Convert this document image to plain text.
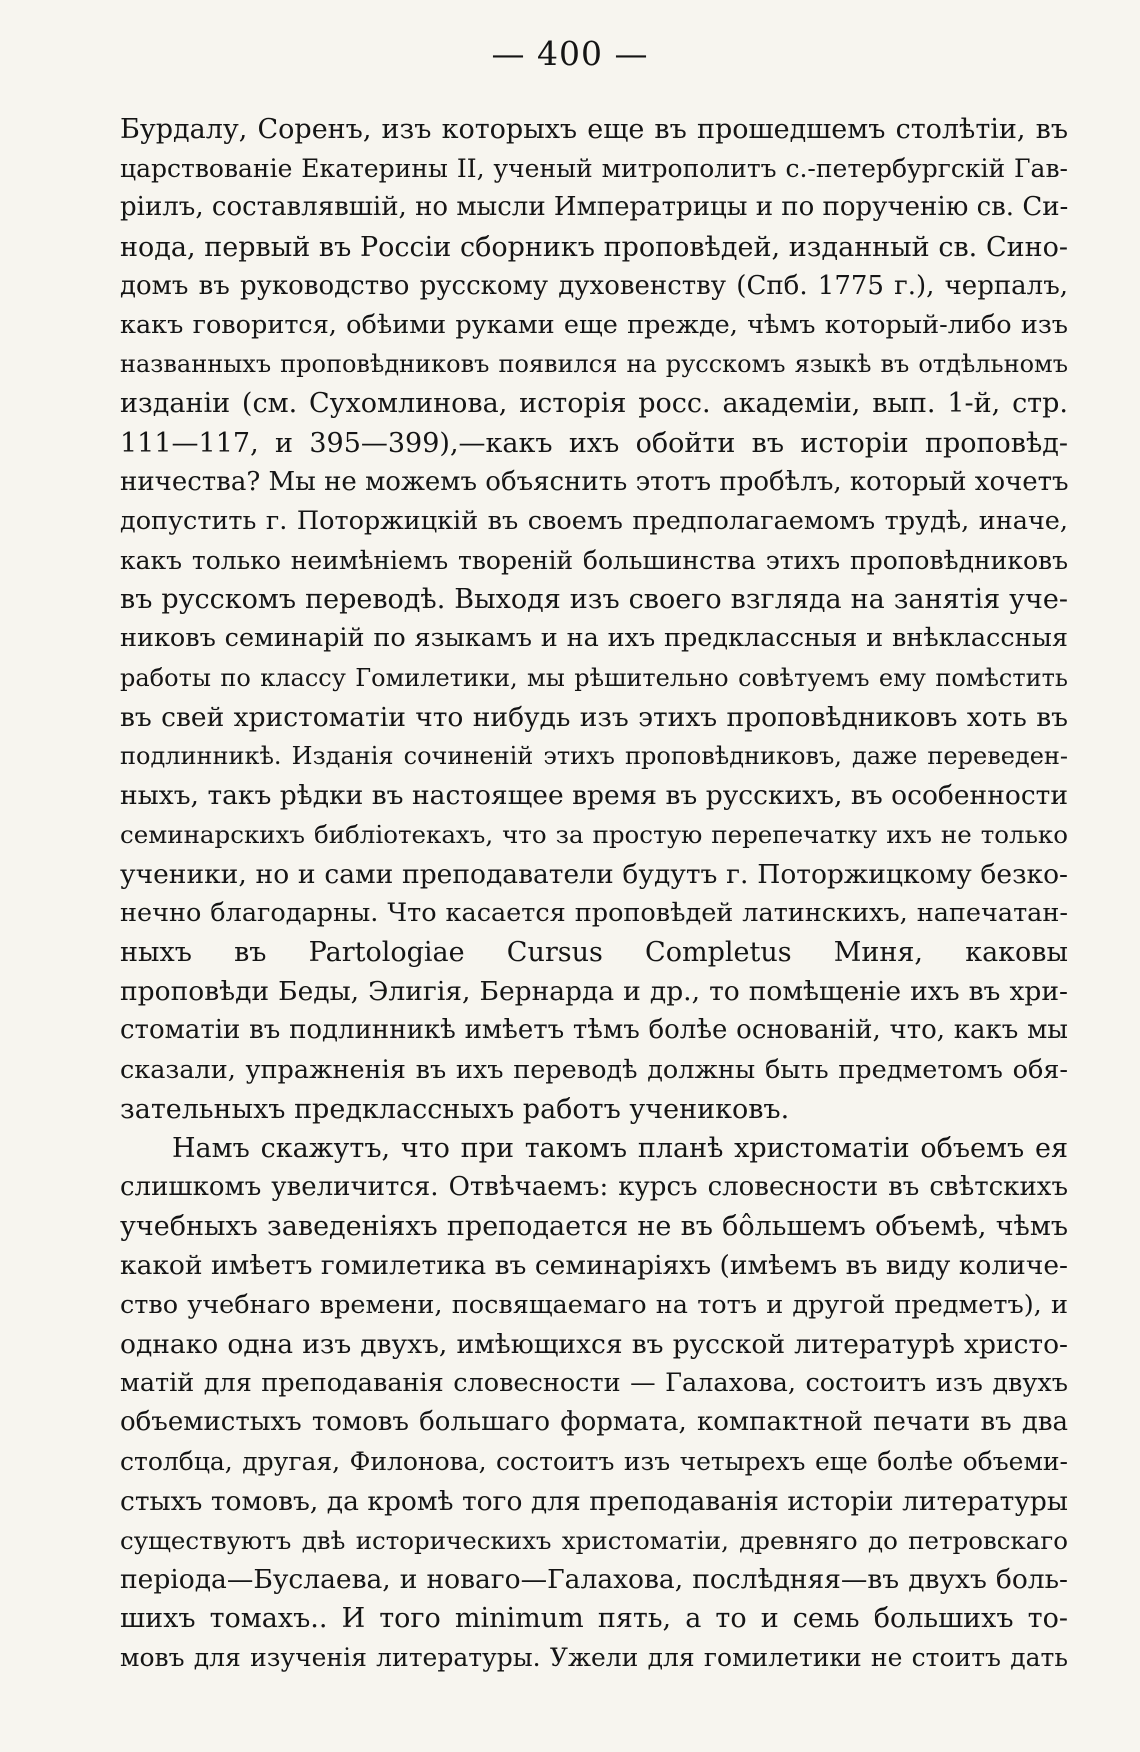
— 400 —
Бурдалу, Соренъ, изъ которыхъ еще въ прошедшемъ столѣтіи, въ
царствованіе Екатерины II, ученый митрополитъ с.-петербургскій Гав-
ріилъ, составлявшій, но мысли Императрицы и по порученію св. Си-
нода, первый въ Россіи сборникъ проповѣдей, изданный св. Сино-
домъ въ руководство русскому духовенству (Спб. 1775 г.), черпалъ,
какъ говорится, обѣими руками еще прежде, чѣмъ который-либо изъ
названныхъ проповѣдниковъ появился на русскомъ языкѣ въ отдѣльномъ
изданіи (см. Сухомлинова, исторія росс. академіи, вып. 1-й, стр.
111—117, и 395—399),—какъ ихъ обойти въ исторіи проповѣд-
ничества? Мы не можемъ объяснить этотъ пробѣлъ, который хочетъ
допустить г. Поторжицкій въ своемъ предполагаемомъ трудѣ, иначе,
какъ только неимѣніемъ твореній большинства этихъ проповѣдниковъ
въ русскомъ переводѣ. Выходя изъ своего взгляда на занятія уче-
никовъ семинарій по языкамъ и на ихъ предклассныя и внѣклассныя
работы по классу Гомилетики, мы рѣшительно совѣтуемъ ему помѣстить
въ свей христоматіи что нибудь изъ этихъ проповѣдниковъ хоть въ
подлинникѣ. Изданія сочиненій этихъ проповѣдниковъ, даже переведен-
ныхъ, такъ рѣдки въ настоящее время въ русскихъ, въ особенности
семинарскихъ библіотекахъ, что за простую перепечатку ихъ не только
ученики, но и сами преподаватели будутъ г. Поторжицкому безко-
нечно благодарны. Что касается проповѣдей латинскихъ, напечатан-
ныхъ въ Partologiae Cursus Completus Миня, каковы
проповѣди Беды, Элигія, Бернарда и др., то помѣщеніе ихъ въ хри-
стоматіи въ подлинникѣ имѣетъ тѣмъ болѣе основаній, что, какъ мы
сказали, упражненія въ ихъ переводѣ должны быть предметомъ обя-
зательныхъ предклассныхъ работъ учениковъ.
Намъ скажутъ, что при такомъ планѣ христоматіи объемъ ея
слишкомъ увеличится. Отвѣчаемъ: курсъ словесности въ свѣтскихъ
учебныхъ заведеніяхъ преподается не въ бо̂льшемъ объемѣ, чѣмъ
какой имѣетъ гомилетика въ семинаріяхъ (имѣемъ въ виду количе-
ство учебнаго времени, посвящаемаго на тотъ и другой предметъ), и
однако одна изъ двухъ, имѣющихся въ русской литературѣ христо-
матій для преподаванія словесности — Галахова, состоитъ изъ двухъ
объемистыхъ томовъ большаго формата, компактной печати въ два
столбца, другая, Филонова, состоитъ изъ четырехъ еще болѣе объеми-
стыхъ томовъ, да кромѣ того для преподаванія исторіи литературы
существуютъ двѣ историческихъ христоматіи, древняго до петровскаго
періода—Буслаева, и новаго—Галахова, послѣдняя—въ двухъ боль-
шихъ томахъ.. И того minimum пять, а то и семь большихъ то-
мовъ для изученія литературы. Ужели для гомилетики не стоитъ дать
